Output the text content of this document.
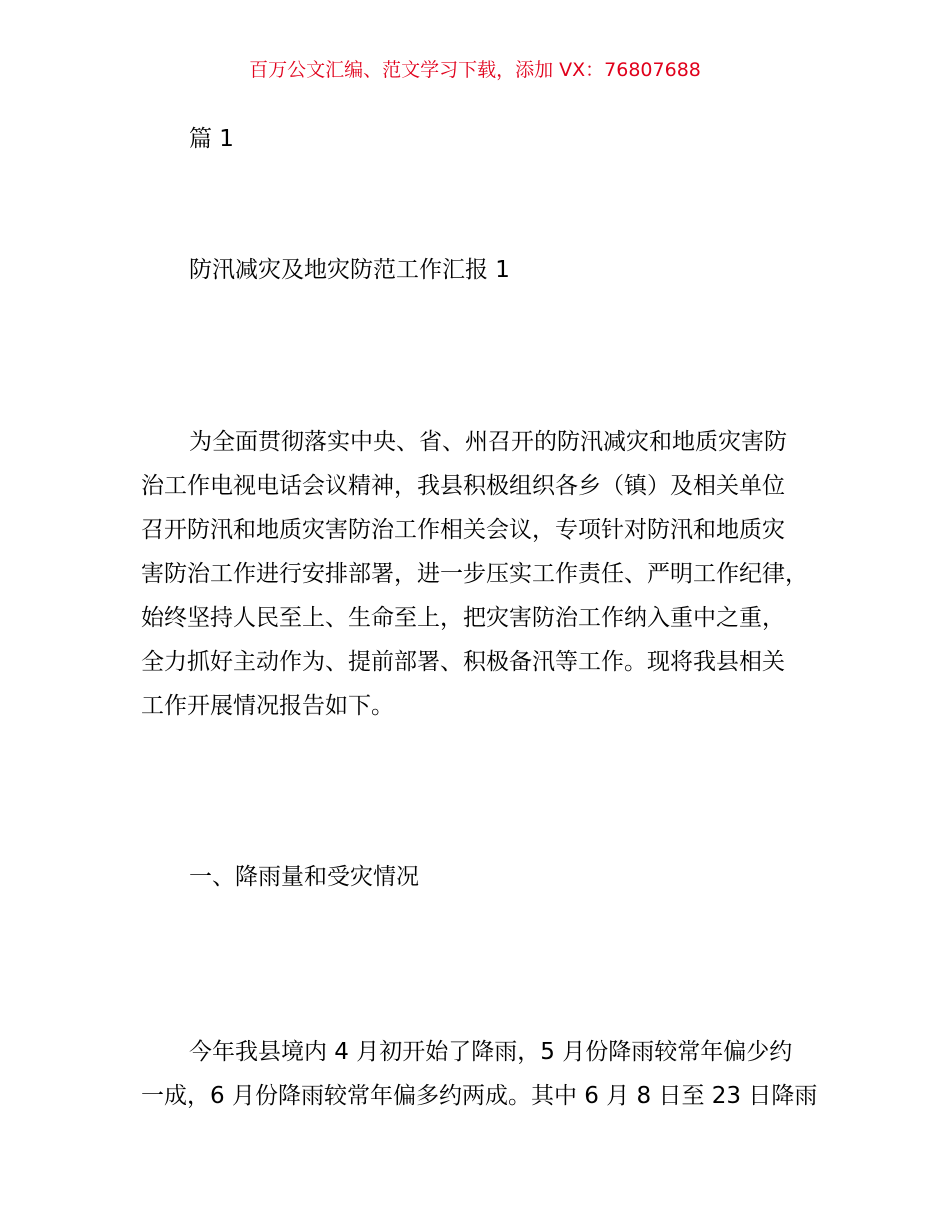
百万公文汇编、范文学习下载，添加 VX：76807688
篇 1
防汛减灾及地灾防范工作汇报 1
为全面贯彻落实中央、省、州召开的防汛减灾和地质灾害防
治工作电视电话会议精神，我县积极组织各乡（镇）及相关单位
召开防汛和地质灾害防治工作相关会议，专项针对防汛和地质灾
害防治工作进行安排部署，进一步压实工作责任、严明工作纪律，
始终坚持人民至上、生命至上，把灾害防治工作纳入重中之重，
全力抓好主动作为、提前部署、积极备汛等工作。现将我县相关
工作开展情况报告如下。
一、降雨量和受灾情况
今年我县境内 4 月初开始了降雨，5 月份降雨较常年偏少约
一成，6 月份降雨较常年偏多约两成。其中 6 月 8 日至 23 日降雨
